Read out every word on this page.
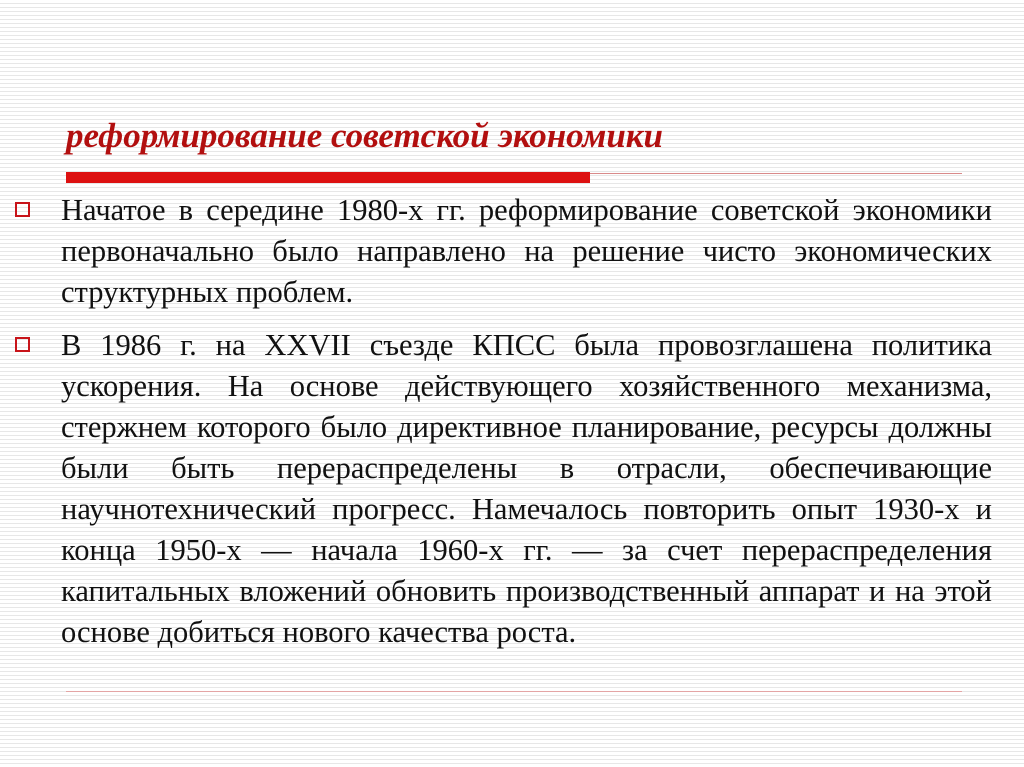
реформирование советской экономики

Начатое в середине 1980-х гг. реформирование советской экономики первоначально было направлено на решение чисто экономических структурных проблем.

В 1986 г. на XXVII съезде КПСС была провозглашена политика ускорения. На основе действующего хозяйственного механизма, стержнем которого было директивное планирование, ресурсы должны были быть перераспределены в отрасли, обеспечивающие научнотехнический прогресс. Намечалось повторить опыт 1930-х и конца 1950-х — начала 1960-х гг. — за счет перераспределения капитальных вложений обновить производственный аппарат и на этой основе добиться нового качества роста.
